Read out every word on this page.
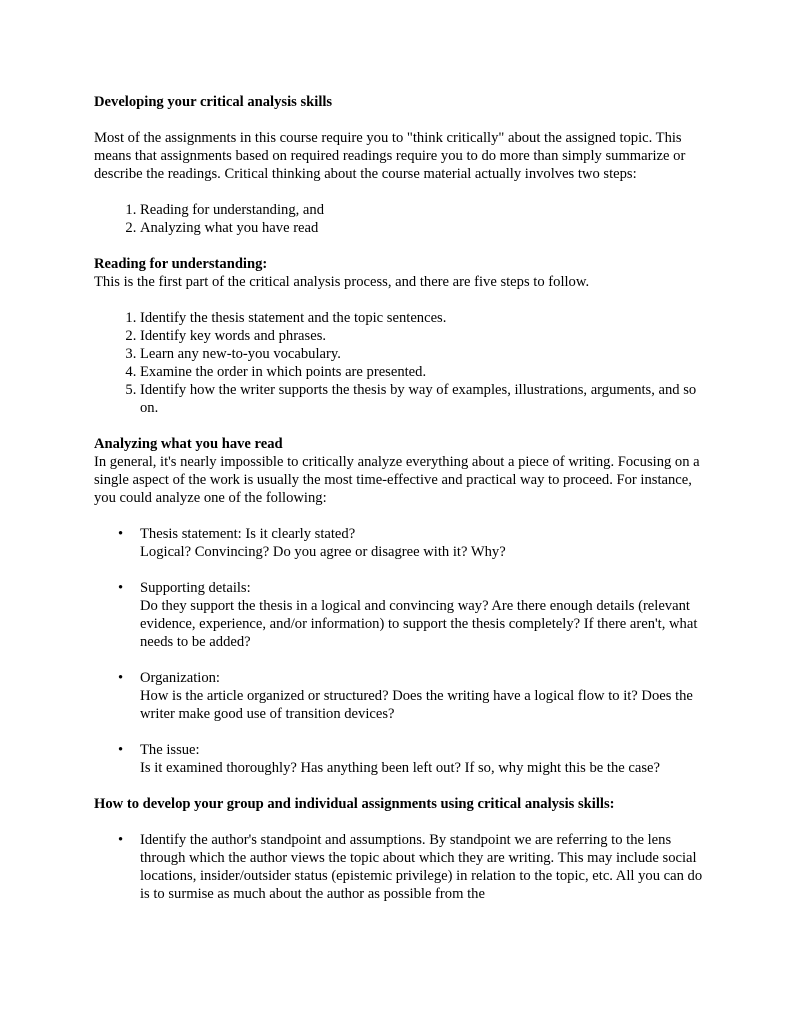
Developing your critical analysis skills

Most of the assignments in this course require you to "think critically" about the assigned topic. This means that assignments based on required readings require you to do more than simply summarize or describe the readings. Critical thinking about the course material actually involves two steps:

1. Reading for understanding, and
2. Analyzing what you have read

Reading for understanding:

This is the first part of the critical analysis process, and there are five steps to follow.

1. Identify the thesis statement and the topic sentences.
2. Identify key words and phrases.
3. Learn any new-to-you vocabulary.
4. Examine the order in which points are presented.
5. Identify how the writer supports the thesis by way of examples, illustrations, arguments, and so on.

Analyzing what you have read

In general, it's nearly impossible to critically analyze everything about a piece of writing. Focusing on a single aspect of the work is usually the most time-effective and practical way to proceed. For instance, you could analyze one of the following:

• Thesis statement: Is it clearly stated?
Logical? Convincing? Do you agree or disagree with it? Why?
• Supporting details:
Do they support the thesis in a logical and convincing way? Are there enough details (relevant evidence, experience, and/or information) to support the thesis completely? If there aren't, what needs to be added?
• Organization:
How is the article organized or structured? Does the writing have a logical flow to it? Does the writer make good use of transition devices?
• The issue:
Is it examined thoroughly? Has anything been left out? If so, why might this be the case?

How to develop your group and individual assignments using critical analysis skills:

• Identify the author's standpoint and assumptions. By standpoint we are referring to the lens through which the author views the topic about which they are writing. This may include social locations, insider/outsider status (epistemic privilege) in relation to the topic, etc. All you can do is to surmise as much about the author as possible from the
